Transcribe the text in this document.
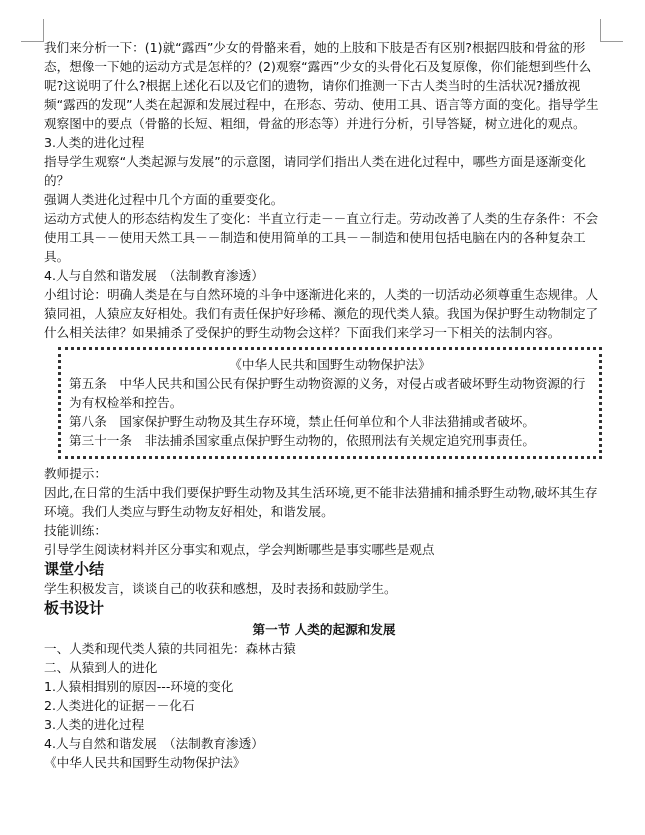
我们来分析一下：(1)就“露西”少女的骨骼来看，她的上肢和下肢是否有区别?根据四肢和骨盆的形态，想像一下她的运动方式是怎样的？(2)观察“露西”少女的头骨化石及复原像，你们能想到些什么呢?这说明了什么?根据上述化石以及它们的遗物，请你们推测一下古人类当时的生活状况?播放视频“露西的发现”人类在起源和发展过程中，在形态、劳动、使用工具、语言等方面的变化。指导学生观察图中的要点（骨骼的长短、粗细，骨盆的形态等）并进行分析，引导答疑，树立进化的观点。

3.人类的进化过程

指导学生观察“人类起源与发展”的示意图，请同学们指出人类在进化过程中，哪些方面是逐渐变化的？

强调人类进化过程中几个方面的重要变化。

运动方式使人的形态结构发生了变化：半直立行走－－直立行走。劳动改善了人类的生存条件：不会使用工具－－使用天然工具－－制造和使用简单的工具－－制造和使用包括电脑在内的各种复杂工具。

4.人与自然和谐发展　（法制教育渗透）

小组讨论：明确人类是在与自然环境的斗争中逐渐进化来的，人类的一切活动必须尊重生态规律。人猿同祖，人猿应友好相处。我们有责任保护好珍稀、濒危的现代类人猿。我国为保护野生动物制定了什么相关法律？如果捕杀了受保护的野生动物会这样？下面我们来学习一下相关的法制内容。

《中华人民共和国野生动物保护法》

第五条　中华人民共和国公民有保护野生动物资源的义务，对侵占或者破坏野生动物资源的行为有权检举和控告。

第八条　国家保护野生动物及其生存环境，禁止任何单位和个人非法猎捕或者破坏。

第三十一条　非法捕杀国家重点保护野生动物的，依照刑法有关规定追究刑事责任。

教师提示：

因此,在日常的生活中我们要保护野生动物及其生活环境,更不能非法猎捕和捕杀野生动物,破坏其生存环境。我们人类应与野生动物友好相处，和谐发展。

技能训练：

引导学生阅读材料并区分事实和观点，学会判断哪些是事实哪些是观点

课堂小结

学生积极发言，谈谈自己的收获和感想，及时表扬和鼓励学生。

板书设计

第一节 人类的起源和发展

一、人类和现代类人猿的共同祖先：森林古猿

二、从猿到人的进化

1.人猿相揖别的原因---环境的变化

2.人类进化的证据－－化石

3.人类的进化过程

4.人与自然和谐发展　（法制教育渗透）

《中华人民共和国野生动物保护法》
